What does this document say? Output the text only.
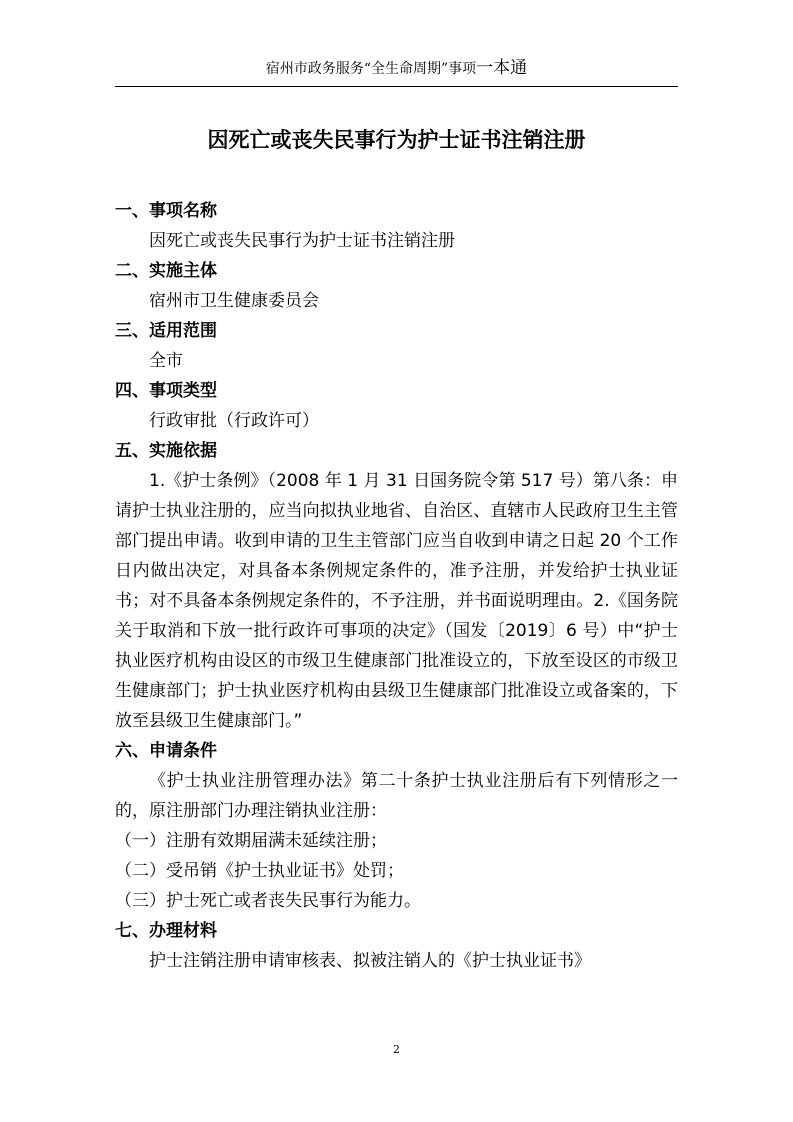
宿州市政务服务“全生命周期”事项一本通
因死亡或丧失民事行为护士证书注销注册
一、事项名称
因死亡或丧失民事行为护士证书注销注册
二、实施主体
宿州市卫生健康委员会
三、适用范围
全市
四、事项类型
行政审批（行政许可）
五、实施依据
1.《护士条例》（2008 年 1 月 31 日国务院令第 517 号）第八条：申请护士执业注册的，应当向拟执业地省、自治区、直辖市人民政府卫生主管部门提出申请。收到申请的卫生主管部门应当自收到申请之日起 20 个工作日内做出决定，对具备本条例规定条件的，准予注册，并发给护士执业证书；对不具备本条例规定条件的，不予注册，并书面说明理由。2.《国务院关于取消和下放一批行政许可事项的决定》（国发〔2019〕6 号）中“护士执业医疗机构由设区的市级卫生健康部门批准设立的，下放至设区的市级卫生健康部门；护士执业医疗机构由县级卫生健康部门批准设立或备案的，下放至县级卫生健康部门。”
六、申请条件
《护士执业注册管理办法》第二十条护士执业注册后有下列情形之一的，原注册部门办理注销执业注册：
（一）注册有效期届满未延续注册；
（二）受吊销《护士执业证书》处罚；
（三）护士死亡或者丧失民事行为能力。
七、办理材料
护士注销注册申请审核表、拟被注销人的《护士执业证书》
2
